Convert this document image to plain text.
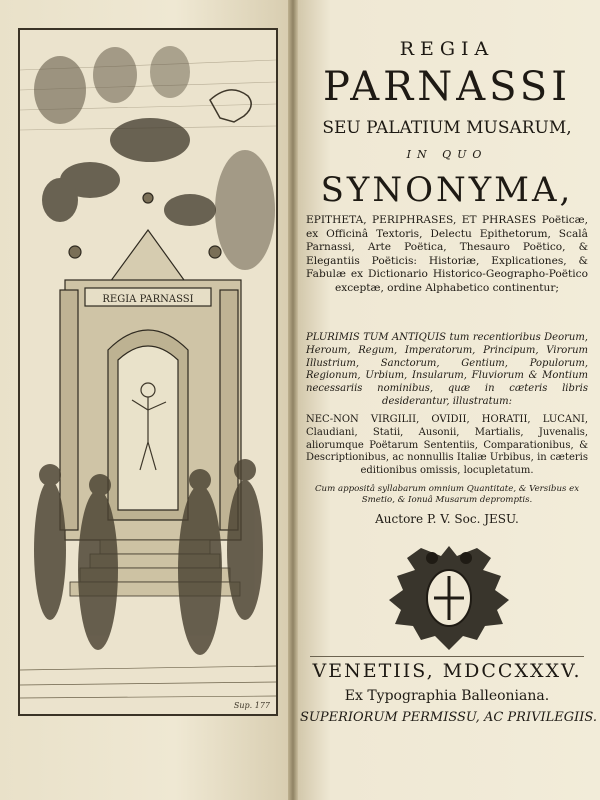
REGIA PARNASSI
Sup. 177
REGIA
PARNASSI
SEU PALATIUM MUSARUM,
IN QUO
SYNONYMA,
EPITHETA, PERIPHRASES, ET PHRASES Poëticæ, ex Officinâ Textoris, Delectu Epithetorum, Scalâ Parnassi, Arte Poëtica, Thesauro Poëtico, & Elegantiis Poëticis: Historiæ, Explicationes, & Fabulæ ex Dictionario Historico-Geographo-Poëtico exceptæ, ordine Alphabetico continentur;
PLURIMIS TUM ANTIQUIS tum recentioribus Deorum, Heroum, Regum, Imperatorum, Principum, Virorum Illustrium, Sanctorum, Gentium, Populorum, Regionum, Urbium, Insularum, Fluviorum & Montium necessariis nominibus, quæ in cæteris libris desiderantur, illustratum:
NEC-NON VIRGILII, OVIDII, HORATII, LUCANI, Claudiani, Statii, Ausonii, Martialis, Juvenalis, aliorumque Poëtarum Sententiis, Comparationibus, & Descriptionibus, ac nonnullis Italiæ Urbibus, in cæteris editionibus omissis, locupletatum.
Cum appositâ syllabarum omnium Quantitate, & Versibus ex Smetio, & Ionuâ Musarum depromptis.
Auctore P. V. Soc. JESU.
VENETIIS, MDCCXXXV.
Ex Typographia Balleoniana.
SUPERIORUM PERMISSU, AC PRIVILEGIIS.
